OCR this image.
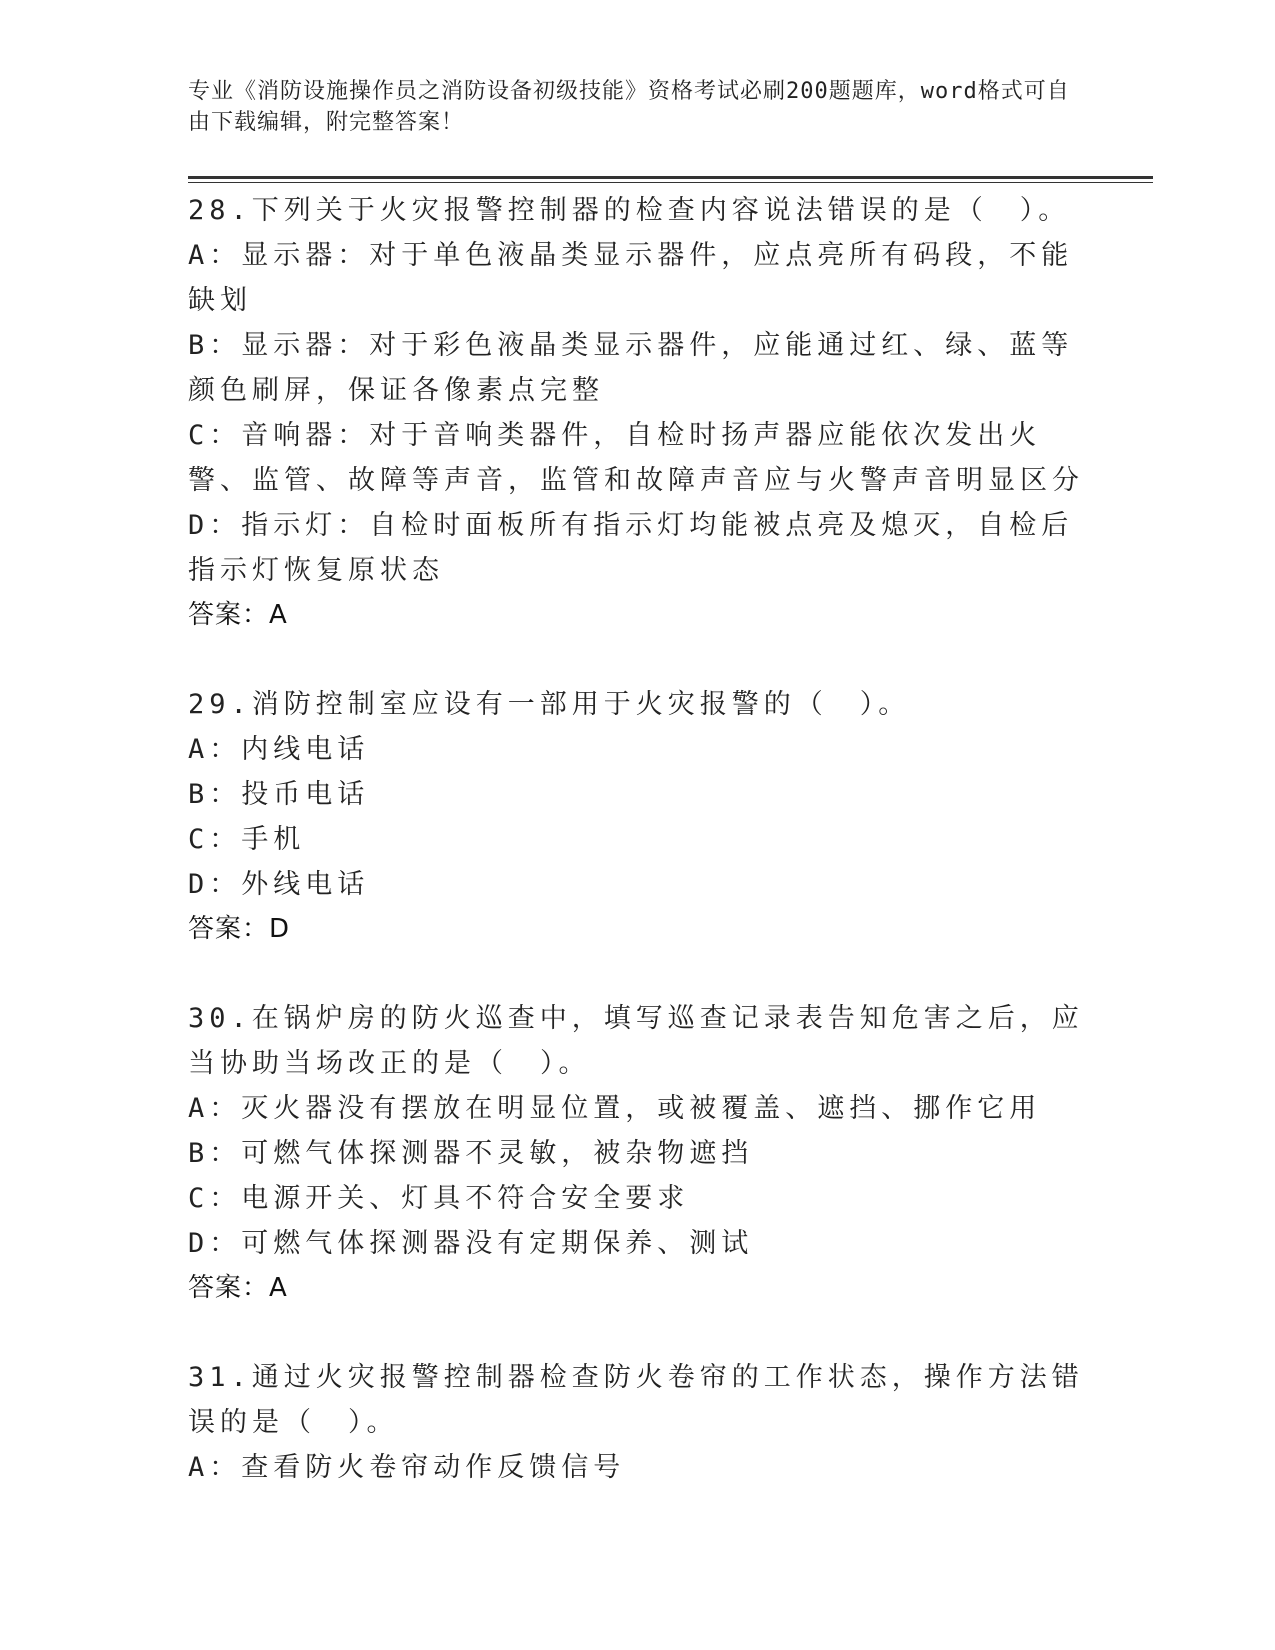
专业《消防设施操作员之消防设备初级技能》资格考试必刷200题题库，word格式可自由下载编辑，附完整答案！
28.下列关于火灾报警控制器的检查内容说法错误的是（　）。
A：显示器：对于单色液晶类显示器件，应点亮所有码段，不能缺划
B：显示器：对于彩色液晶类显示器件，应能通过红、绿、蓝等颜色刷屏，保证各像素点完整
C：音响器：对于音响类器件，自检时扬声器应能依次发出火警、监管、故障等声音，监管和故障声音应与火警声音明显区分
D：指示灯：自检时面板所有指示灯均能被点亮及熄灭，自检后指示灯恢复原状态
答案：A
29.消防控制室应设有一部用于火灾报警的（　）。
A：内线电话
B：投币电话
C：手机
D：外线电话
答案：D
30.在锅炉房的防火巡查中，填写巡查记录表告知危害之后，应当协助当场改正的是（　）。
A：灭火器没有摆放在明显位置，或被覆盖、遮挡、挪作它用
B：可燃气体探测器不灵敏，被杂物遮挡
C：电源开关、灯具不符合安全要求
D：可燃气体探测器没有定期保养、测试
答案：A
31.通过火灾报警控制器检查防火卷帘的工作状态，操作方法错误的是（　）。
A：查看防火卷帘动作反馈信号
